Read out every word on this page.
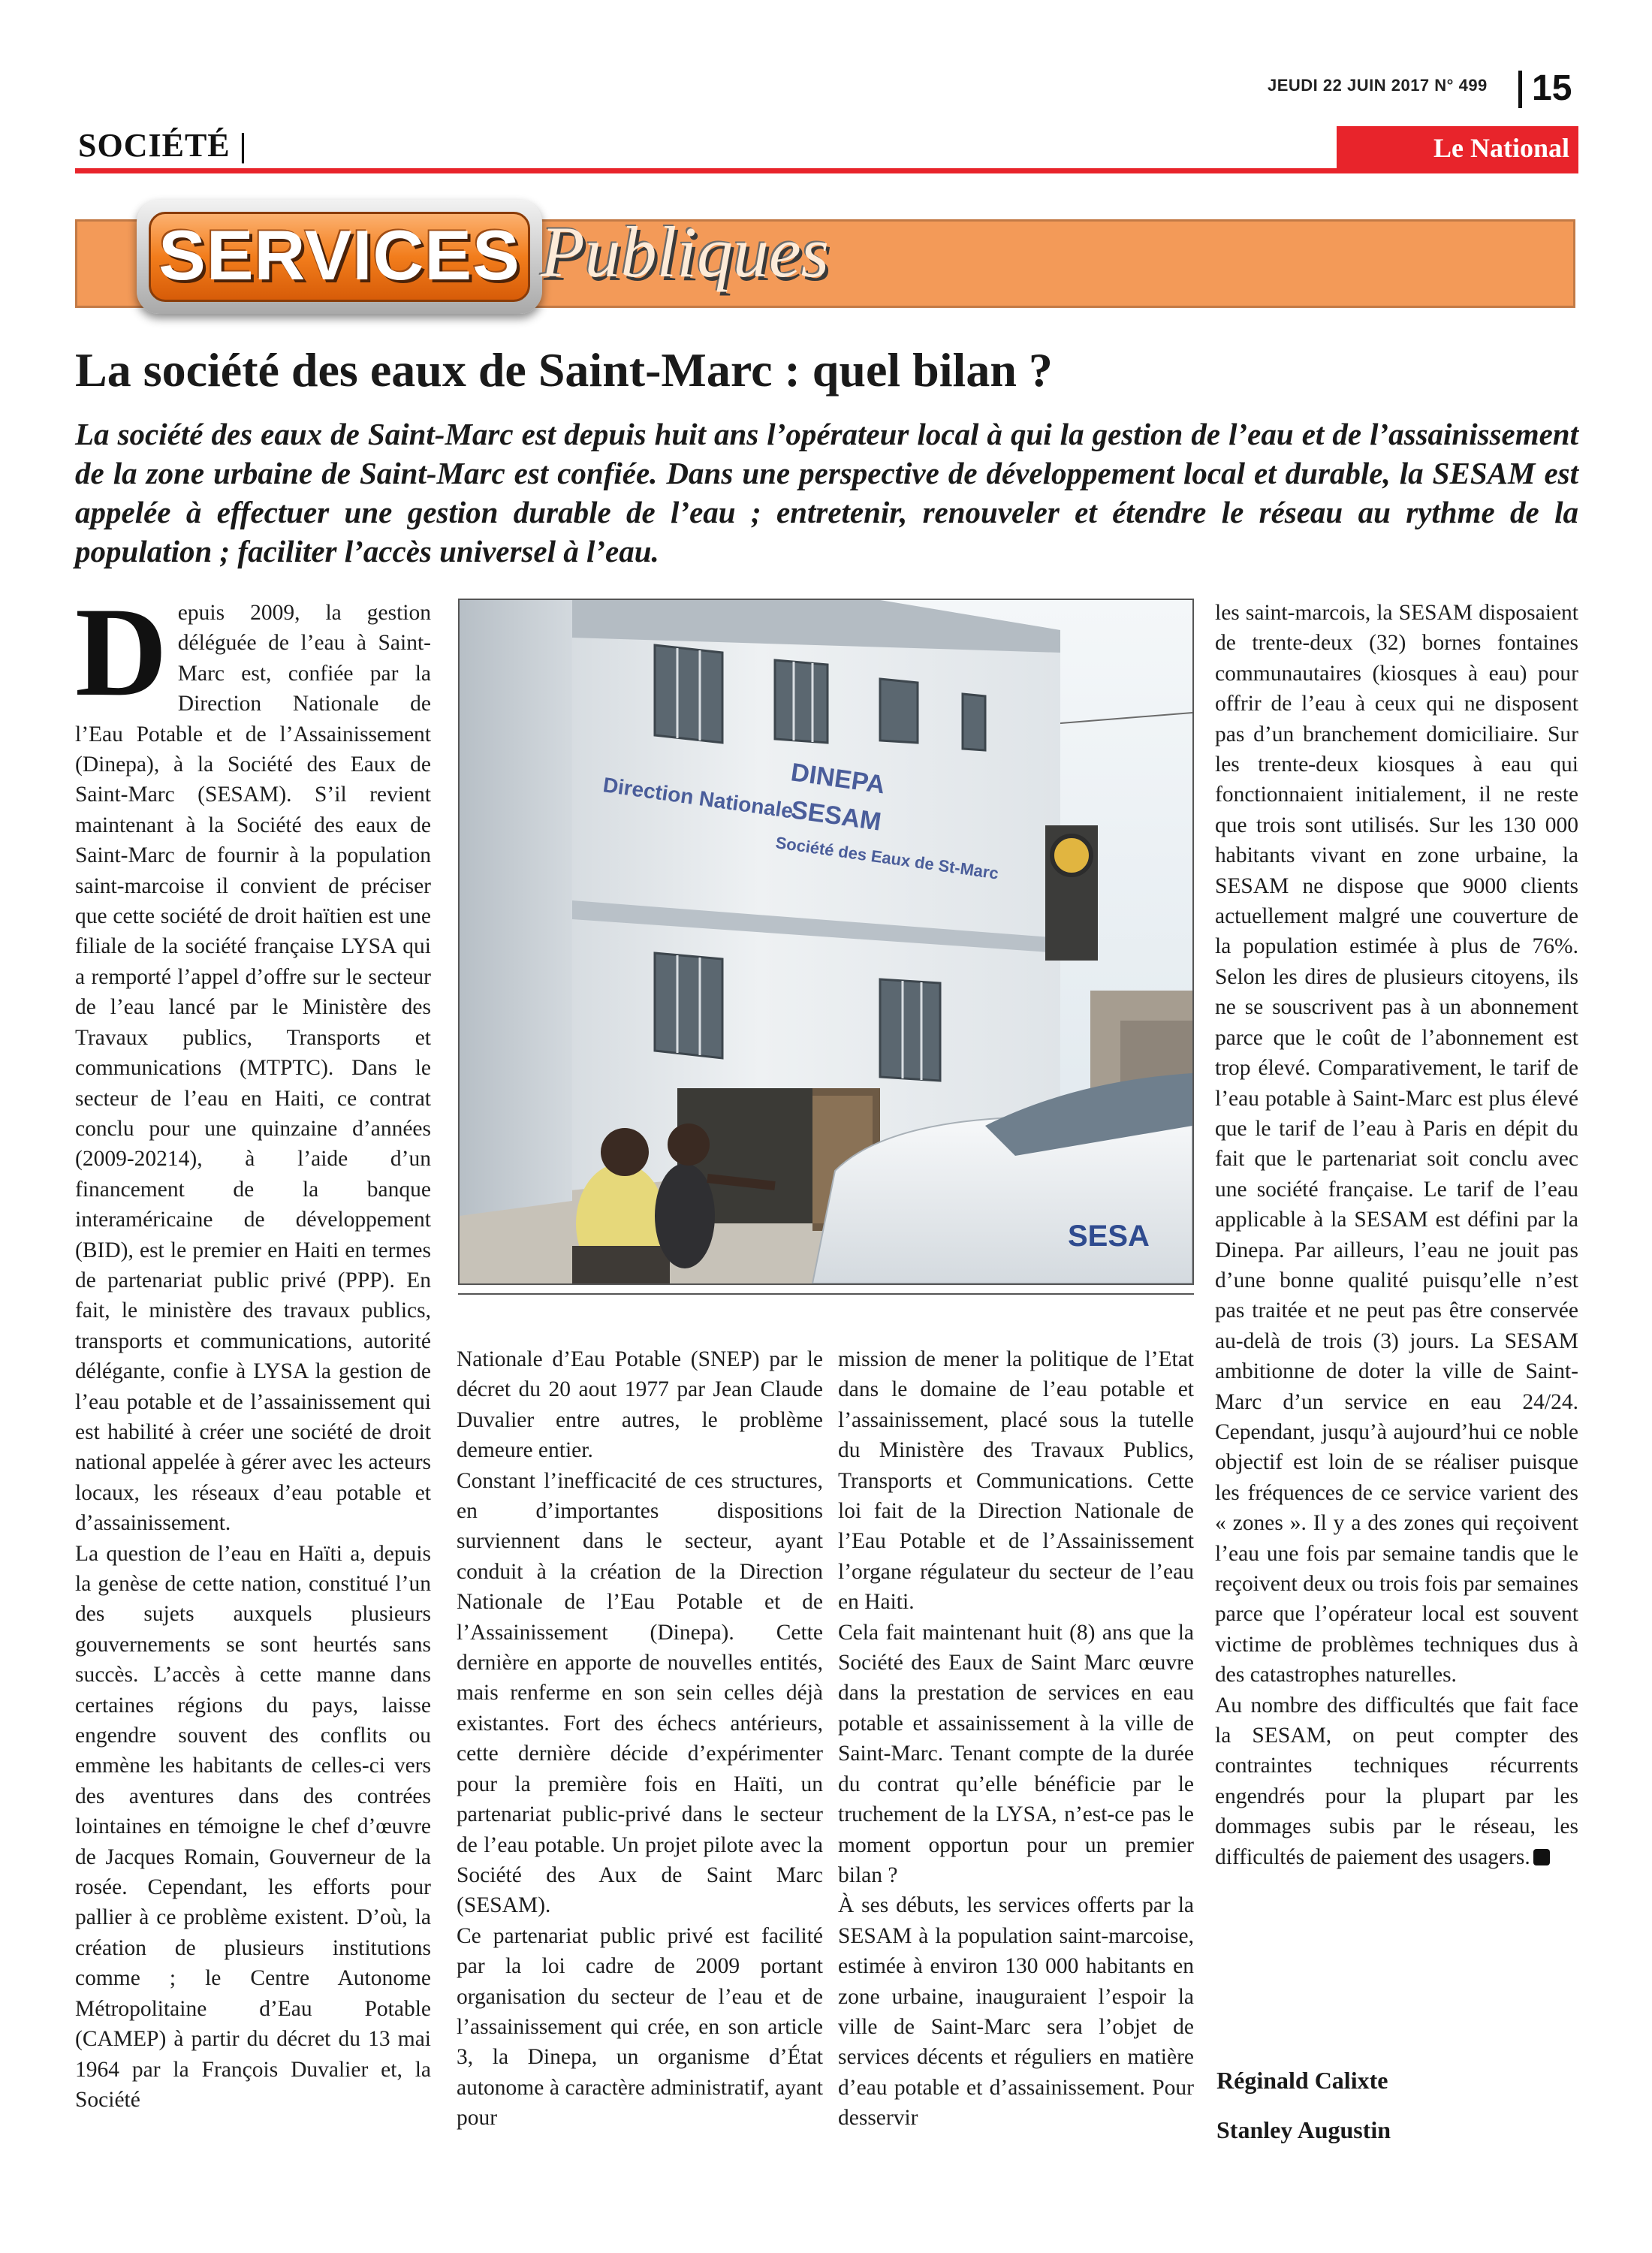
JEUDI 22 JUIN 2017 N° 499 15
SOCIÉTÉ |	Le National
SERVICES Publiques
La société des eaux de Saint-Marc : quel bilan ?
La société des eaux de Saint-Marc est depuis huit ans l’opérateur local à qui la gestion de l’eau et de l’assainissement de la zone urbaine de Saint-Marc est confiée. Dans une perspective de développement local et durable, la SESAM est appelée à effectuer une gestion durable de l’eau ; entretenir, renouveler et étendre le réseau au rythme de la population ; faciliter l’accès universel à l’eau.

Depuis 2009, la gestion déléguée de l’eau à Saint-Marc est, confiée par la Direction Nationale de l’Eau Potable et de l’Assainissement (Dinepa), à la Société des Eaux de Saint-Marc (SESAM). S’il revient maintenant à la Société des eaux de Saint-Marc de fournir à la population saint-marcoise il convient de préciser que cette société de droit haïtien est une filiale de la société française LYSA qui a remporté l’appel d’offre sur le secteur de l’eau lancé par le Ministère des Travaux publics, Transports et communications (MTPTC). Dans le secteur de l’eau en Haiti, ce contrat conclu pour une quinzaine d’années (2009-20214), à l’aide d’un financement de la banque interaméricaine de développement (BID), est le premier en Haiti en termes de partenariat public privé (PPP). En fait, le ministère des travaux publics, transports et communications, autorité délégante, confie à LYSA la gestion de l’eau potable et de l’assainissement qui est habilité à créer une société de droit national appelée à gérer avec les acteurs locaux, les réseaux d’eau potable et d’assainissement.

La question de l’eau en Haïti a, depuis la genèse de cette nation, constitué l’un des sujets auxquels plusieurs gouvernements se sont heurtés sans succès. L’accès à cette manne dans certaines régions du pays, laisse engendre souvent des conflits ou emmène les habitants de celles-ci vers des aventures dans des contrées lointaines en témoigne le chef d’œuvre de Jacques Romain, Gouverneur de la rosée. Cependant, les efforts pour pallier à ce problème existent. D’où, la création de plusieurs institutions comme ; le Centre Autonome Métropolitaine d’Eau Potable (CAMEP) à partir du décret du 13 mai 1964 par la François Duvalier et, la Société

Direction Nationale
DINEPA
SESAM
Société des Eaux de St-Marc
SESA

Nationale d’Eau Potable (SNEP) par le décret du 20 aout 1977 par Jean Claude Duvalier entre autres, le problème demeure entier.

Constant l’inefficacité de ces structures, en d’importantes dispositions surviennent dans le secteur, ayant conduit à la création de la Direction Nationale de l’Eau Potable et de l’Assainissement (Dinepa). Cette dernière en apporte de nouvelles entités, mais renferme en son sein celles déjà existantes. Fort des échecs antérieurs, cette dernière décide d’expérimenter pour la première fois en Haïti, un partenariat public-privé dans le secteur de l’eau potable. Un projet pilote avec la Société des Aux de Saint Marc (SESAM).

Ce partenariat public privé est facilité par la loi cadre de 2009 portant organisation du secteur de l’eau et de l’assainissement qui crée, en son article 3, la Dinepa, un organisme d’État autonome à caractère administratif, ayant pour

mission de mener la politique de l’Etat dans le domaine de l’eau potable et l’assainissement, placé sous la tutelle du Ministère des Travaux Publics, Transports et Communications. Cette loi fait de la Direction Nationale de l’Eau Potable et de l’Assainissement l’organe régulateur du secteur de l’eau en Haiti.

Cela fait maintenant huit (8) ans que la Société des Eaux de Saint Marc œuvre dans la prestation de services en eau potable et assainissement à la ville de Saint-Marc. Tenant compte de la durée du contrat qu’elle bénéficie par le truchement de la LYSA, n’est-ce pas le moment opportun pour un premier bilan ?

À ses débuts, les services offerts par la SESAM à la population saint-marcoise, estimée à environ 130 000 habitants en zone urbaine, inauguraient l’espoir la ville de Saint-Marc sera l’objet de services décents et réguliers en matière d’eau potable et d’assainissement. Pour desservir

les saint-marcois, la SESAM disposaient de trente-deux (32) bornes fontaines communautaires (kiosques à eau) pour offrir de l’eau à ceux qui ne disposent pas d’un branchement domiciliaire. Sur les trente-deux kiosques à eau qui fonctionnaient initialement, il ne reste que trois sont utilisés. Sur les 130 000 habitants vivant en zone urbaine, la SESAM ne dispose que 9000 clients actuellement malgré une couverture de la population estimée à plus de 76%. Selon les dires de plusieurs citoyens, ils ne se souscrivent pas à un abonnement parce que le coût de l’abonnement est trop élevé. Comparativement, le tarif de l’eau potable à Saint-Marc est plus élevé que le tarif de l’eau à Paris en dépit du fait que le partenariat soit conclu avec une société française. Le tarif de l’eau applicable à la SESAM est défini par la Dinepa. Par ailleurs, l’eau ne jouit pas d’une bonne qualité puisqu’elle n’est pas traitée et ne peut pas être conservée au-delà de trois (3) jours. La SESAM ambitionne de doter la ville de Saint-Marc d’un service en eau 24/24. Cependant, jusqu’à aujourd’hui ce noble objectif est loin de se réaliser puisque les fréquences de ce service varient des « zones ». Il y a des zones qui reçoivent l’eau une fois par semaine tandis que le reçoivent deux ou trois fois par semaines parce que l’opérateur local est souvent victime de problèmes techniques dus à des catastrophes naturelles.

Au nombre des difficultés que fait face la SESAM, on peut compter des contraintes techniques récurrents engendrés pour la plupart par les dommages subis par le réseau, les difficultés de paiement des usagers.

Réginald Calixte
Stanley Augustin
